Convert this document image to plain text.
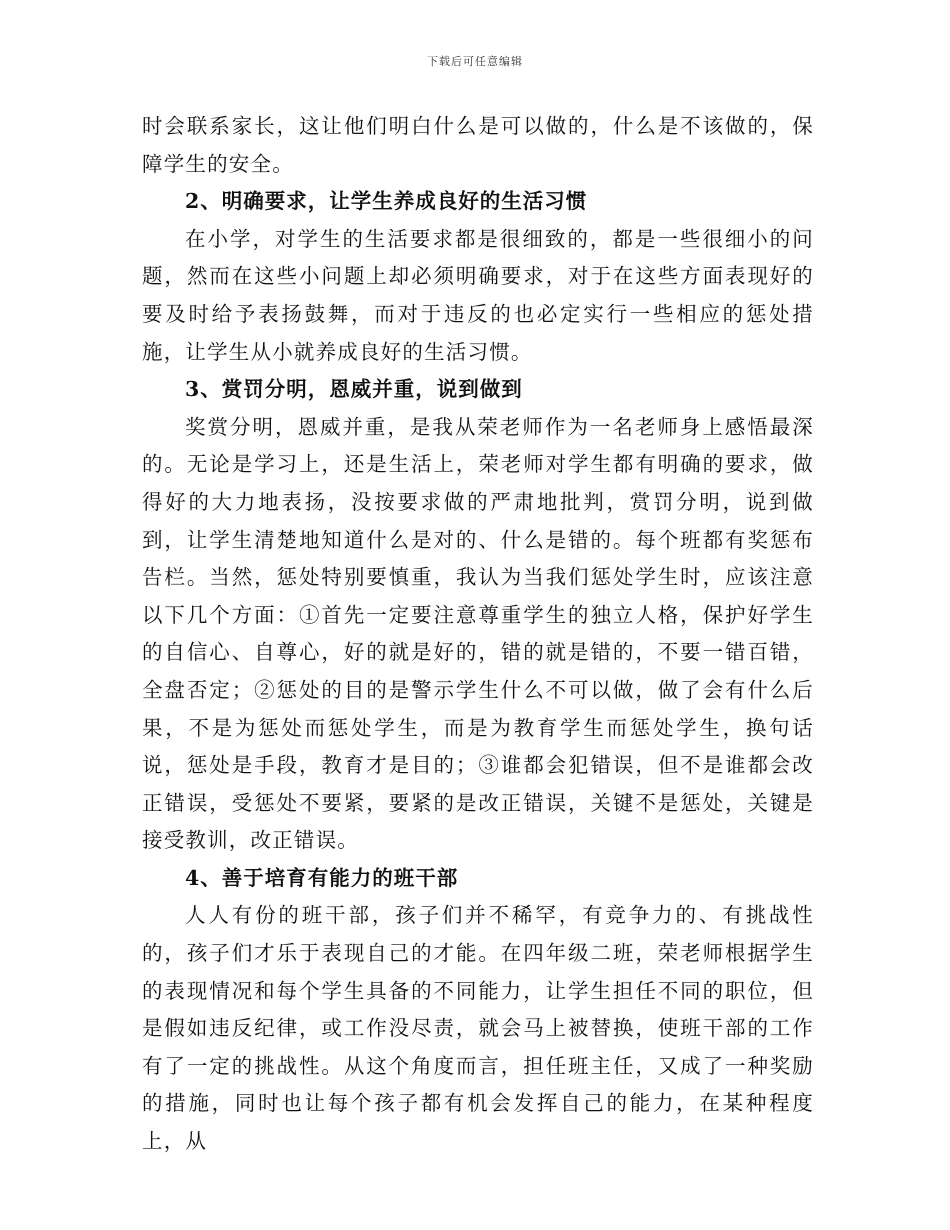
下载后可任意编辑

时会联系家长，这让他们明白什么是可以做的，什么是不该做的，保障学生的安全。

2、明确要求，让学生养成良好的生活习惯

在小学，对学生的生活要求都是很细致的，都是一些很细小的问题，然而在这些小问题上却必须明确要求，对于在这些方面表现好的要及时给予表扬鼓舞，而对于违反的也必定实行一些相应的惩处措施，让学生从小就养成良好的生活习惯。

3、赏罚分明，恩威并重，说到做到

奖赏分明，恩威并重，是我从荣老师作为一名老师身上感悟最深的。无论是学习上，还是生活上，荣老师对学生都有明确的要求，做得好的大力地表扬，没按要求做的严肃地批判，赏罚分明，说到做到，让学生清楚地知道什么是对的、什么是错的。每个班都有奖惩布告栏。当然，惩处特别要慎重，我认为当我们惩处学生时，应该注意以下几个方面：①首先一定要注意尊重学生的独立人格，保护好学生的自信心、自尊心，好的就是好的，错的就是错的，不要一错百错，全盘否定；②惩处的目的是警示学生什么不可以做，做了会有什么后果，不是为惩处而惩处学生，而是为教育学生而惩处学生，换句话说，惩处是手段，教育才是目的；③谁都会犯错误，但不是谁都会改正错误，受惩处不要紧，要紧的是改正错误，关键不是惩处，关键是接受教训，改正错误。

4、善于培育有能力的班干部

人人有份的班干部，孩子们并不稀罕，有竞争力的、有挑战性的，孩子们才乐于表现自己的才能。在四年级二班，荣老师根据学生的表现情况和每个学生具备的不同能力，让学生担任不同的职位，但是假如违反纪律，或工作没尽责，就会马上被替换，使班干部的工作有了一定的挑战性。从这个角度而言，担任班主任，又成了一种奖励的措施，同时也让每个孩子都有机会发挥自己的能力，在某种程度上，从
